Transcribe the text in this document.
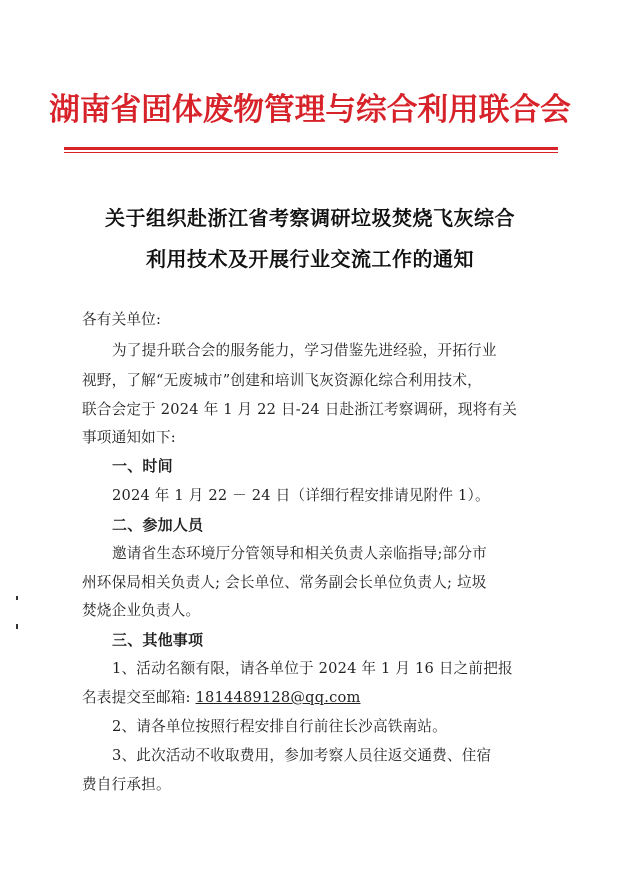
湖南省固体废物管理与综合利用联合会
关于组织赴浙江省考察调研垃圾焚烧飞灰综合
利用技术及开展行业交流工作的通知
各有关单位:
为了提升联合会的服务能力，学习借鉴先进经验，开拓行业
视野，了解“无废城市”创建和培训飞灰资源化综合利用技术，
联合会定于 2024 年 1 月 22 日-24 日赴浙江考察调研，现将有关
事项通知如下:
一、时间
2024 年 1 月 22 － 24 日（详细行程安排请见附件 1）。
二、参加人员
邀请省生态环境厅分管领导和相关负责人亲临指导;部分市
州环保局相关负责人; 会长单位、常务副会长单位负责人; 垃圾
焚烧企业负责人。
三、其他事项
1、活动名额有限，请各单位于 2024 年 1 月 16 日之前把报
名表提交至邮箱: 1814489128@qq.com
2、请各单位按照行程安排自行前往长沙高铁南站。
3、此次活动不收取费用，参加考察人员往返交通费、住宿
费自行承担。
